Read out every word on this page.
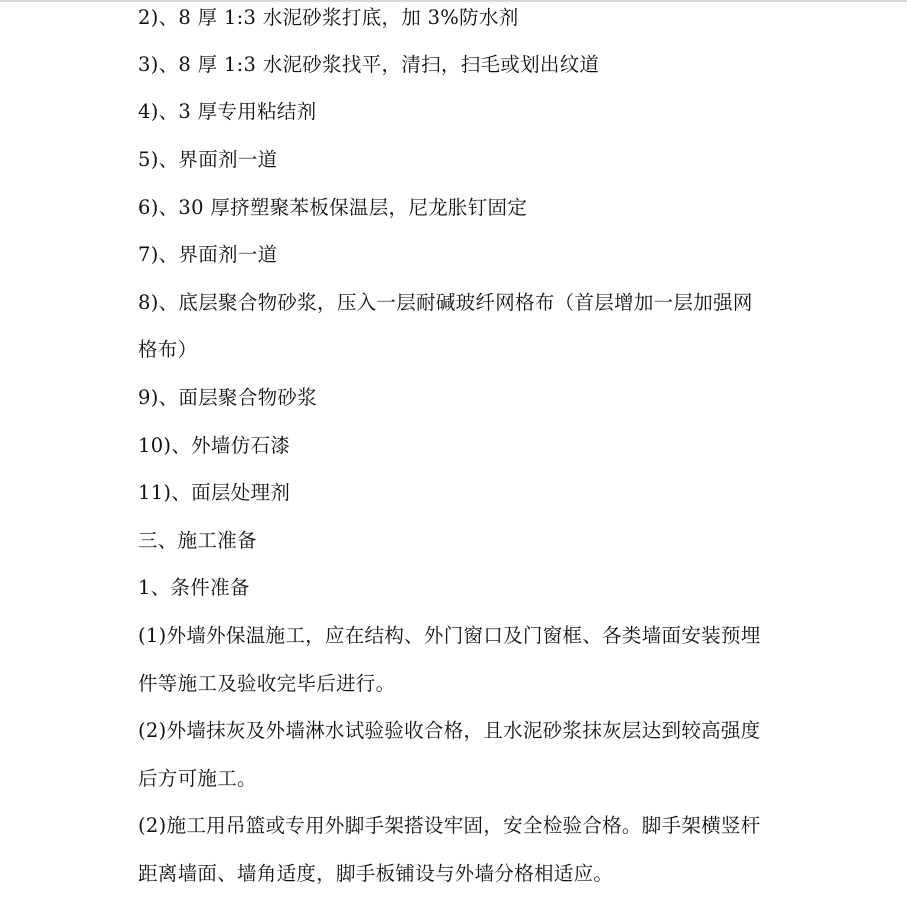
2)、8 厚 1:3 水泥砂浆打底，加 3%防水剂
3)、8 厚 1:3 水泥砂浆找平，清扫，扫毛或划出纹道
4)、3 厚专用粘结剂
5)、界面剂一道
6)、30 厚挤塑聚苯板保温层，尼龙胀钉固定
7)、界面剂一道
8)、底层聚合物砂浆，压入一层耐碱玻纤网格布（首层增加一层加强网
格布）
9)、面层聚合物砂浆
10)、外墙仿石漆
11)、面层处理剂
三、施工准备
1、条件准备
(1)外墙外保温施工，应在结构、外门窗口及门窗框、各类墙面安装预埋
件等施工及验收完毕后进行。
(2)外墙抹灰及外墙淋水试验验收合格，且水泥砂浆抹灰层达到较高强度
后方可施工。
(2)施工用吊篮或专用外脚手架搭设牢固，安全检验合格。脚手架横竖杆
距离墙面、墙角适度，脚手板铺设与外墙分格相适应。
